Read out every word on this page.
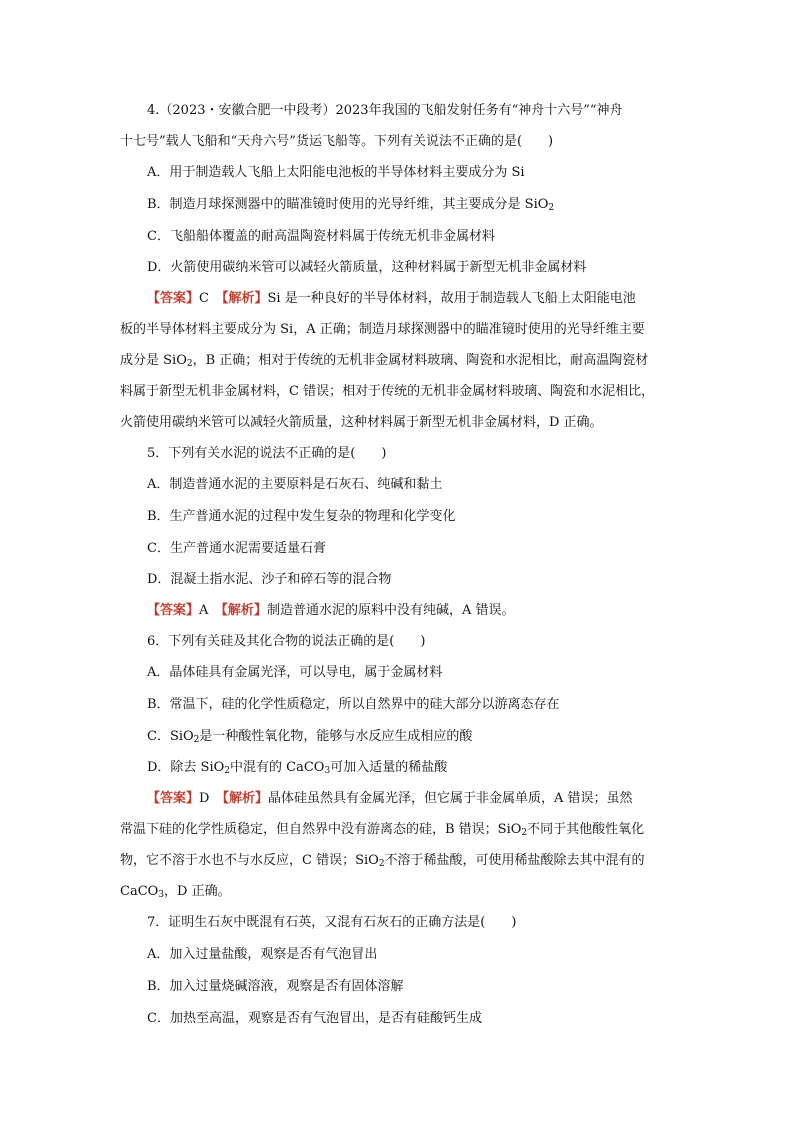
4.（2023・安徽合肥一中段考）2023年我国的飞船发射任务有“神舟十六号”“神舟
十七号”载人飞船和“天舟六号”货运飞船等。下列有关说法不正确的是(　　)
A．用于制造载人飞船上太阳能电池板的半导体材料主要成分为 Si
B．制造月球探测器中的瞄准镜时使用的光导纤维，其主要成分是 SiO$_2$
C．飞船船体覆盖的耐高温陶瓷材料属于传统无机非金属材料
D．火箭使用碳纳米管可以减轻火箭质量，这种材料属于新型无机非金属材料
【答案】C　 【解析】Si 是一种良好的半导体材料，故用于制造载人飞船上太阳能电池
板的半导体材料主要成分为 Si，A 正确；制造月球探测器中的瞄准镜时使用的光导纤维主要
成分是 SiO$_2$，B 正确；相对于传统的无机非金属材料玻璃、陶瓷和水泥相比，耐高温陶瓷材
料属于新型无机非金属材料，C 错误；相对于传统的无机非金属材料玻璃、陶瓷和水泥相比，
火箭使用碳纳米管可以减轻火箭质量，这种材料属于新型无机非金属材料，D 正确。
5．下列有关水泥的说法不正确的是(　　)
A．制造普通水泥的主要原料是石灰石、纯碱和黏土
B．生产普通水泥的过程中发生复杂的物理和化学变化
C．生产普通水泥需要适量石膏
D．混凝土指水泥、沙子和碎石等的混合物
【答案】A　 【解析】制造普通水泥的原料中没有纯碱，A 错误。
6．下列有关硅及其化合物的说法正确的是(　　)
A．晶体硅具有金属光泽，可以导电，属于金属材料
B．常温下，硅的化学性质稳定，所以自然界中的硅大部分以游离态存在
C．SiO$_2$是一种酸性氧化物，能够与水反应生成相应的酸
D．除去 SiO$_2$中混有的 CaCO$_3$可加入适量的稀盐酸
【答案】D　 【解析】晶体硅虽然具有金属光泽，但它属于非金属单质，A 错误；虽然
常温下硅的化学性质稳定，但自然界中没有游离态的硅，B 错误；SiO$_2$不同于其他酸性氧化
物，它不溶于水也不与水反应，C 错误；SiO$_2$不溶于稀盐酸，可使用稀盐酸除去其中混有的
CaCO$_3$，D 正确。
7．证明生石灰中既混有石英，又混有石灰石的正确方法是(　　)
A．加入过量盐酸，观察是否有气泡冒出
B．加入过量烧碱溶液，观察是否有固体溶解
C．加热至高温，观察是否有气泡冒出，是否有硅酸钙生成
